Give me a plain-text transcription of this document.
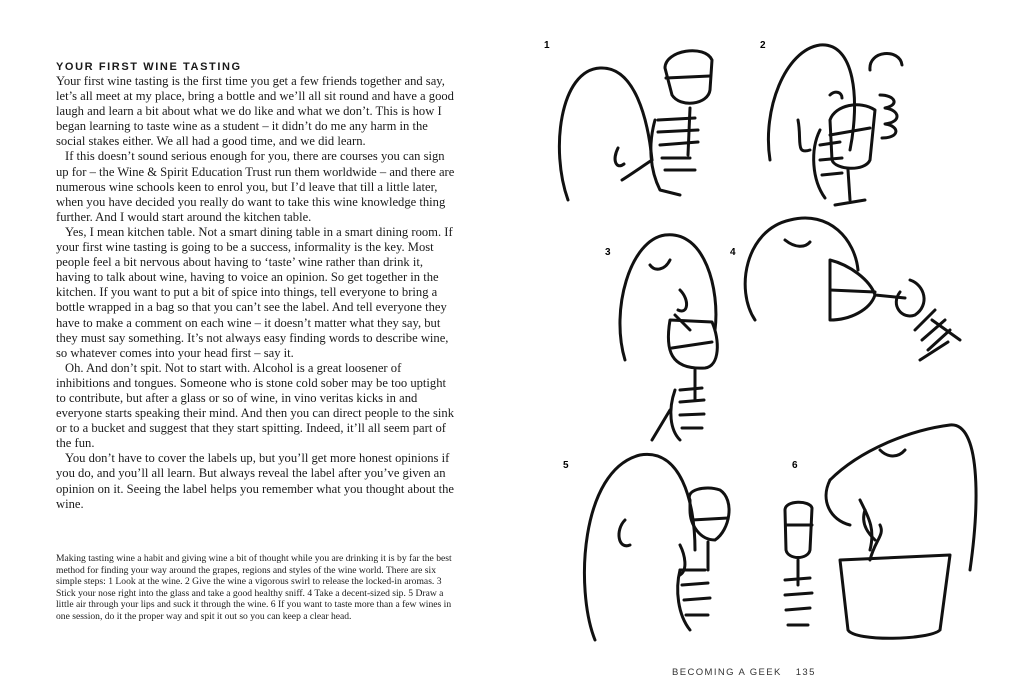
YOUR FIRST WINE TASTING

Your first wine tasting is the first time you get a few friends together and say, let’s all meet at my place, bring a bottle and we’ll all sit round and have a good laugh and learn a bit about what we do like and what we don’t. This is how I began learning to taste wine as a student – it didn’t do me any harm in the social stakes either. We all had a good time, and we did learn.

If this doesn’t sound serious enough for you, there are courses you can sign up for – the Wine & Spirit Education Trust run them worldwide – and there are numerous wine schools keen to enrol you, but I’d leave that till a little later, when you have decided you really do want to take this wine knowledge thing further. And I would start around the kitchen table.

Yes, I mean kitchen table. Not a smart dining table in a smart dining room. If your first wine tasting is going to be a success, informality is the key. Most people feel a bit nervous about having to ‘taste’ wine rather than drink it, having to talk about wine, having to voice an opinion. So get together in the kitchen. If you want to put a bit of spice into things, tell everyone to bring a bottle wrapped in a bag so that you can’t see the label. And tell everyone they have to make a comment on each wine – it doesn’t matter what they say, but they must say something. It’s not always easy finding words to describe wine, so whatever comes into your head first – say it.

Oh. And don’t spit. Not to start with. Alcohol is a great loosener of inhibitions and tongues. Someone who is stone cold sober may be too uptight to contribute, but after a glass or so of wine, in vino veritas kicks in and everyone starts speaking their mind. And then you can direct people to the sink or to a bucket and suggest that they start spitting. Indeed, it’ll all seem part of the fun.

You don’t have to cover the labels up, but you’ll get more honest opinions if you do, and you’ll all learn. But always reveal the label after you’ve given an opinion on it. Seeing the label helps you remember what you thought about the wine.

Making tasting wine a habit and giving wine a bit of thought while you are drinking it is by far the best method for finding your way around the grapes, regions and styles of the wine world. There are six simple steps: 1 Look at the wine. 2 Give the wine a vigorous swirl to release the locked-in aromas. 3 Stick your nose right into the glass and take a good healthy sniff. 4 Take a decent-sized sip. 5 Draw a little air through your lips and suck it through the wine. 6 If you want to taste more than a few wines in one session, do it the proper way and spit it out so you can keep a clear head.
1	2
3	4
5	6
BECOMING A GEEK 135
